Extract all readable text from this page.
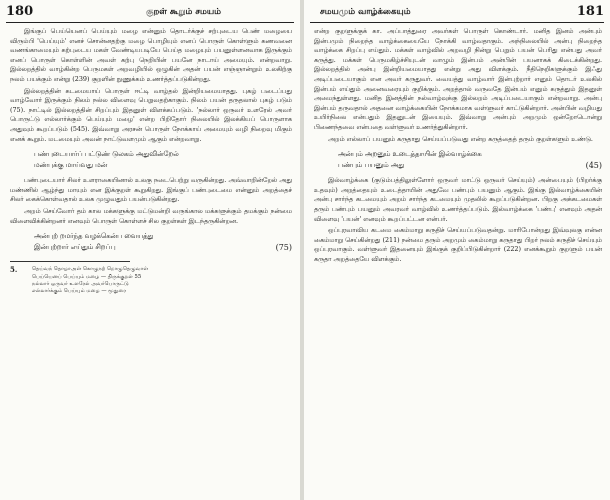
180	குறள் கூறும் சமயம்

இங்குப் பெய்யெனப் பெய்யும் மழை என்னும் தொடர்க்குச் சற்புடைய பெண் மழையை விரும்பி 'பெய்யும்' எனச் சொன்னதற்கு மழை பொழியும் எனப் பொருள் கொள்ளும் கணவனை வணங்காமையும் கற்புடைய மகள் வேண்டியபடியே பெய்த மழையும் பயனுள்ளனவாக இருக்கும் எனப் பொருள் கொள்ளின் அவள் கற்பு நெறியின் பயனே நாடாய் அமையும். என்றவாறு. இல்லறத்தில் வாழ்கின்ற பெருமகள் அறவழியில் ஒழுகின் அதன் பயன் எஞ்ஞான்றும் உலகிற்கு நலம் பயக்கும் என்று (239) குறளின் நுணுக்கம் உணர்த்தப்படுகின்றது.

இல்லறத்தின் கடமையாய் பொருள் ஈட்டி வாழ்தல் இன்றியமையாதது. புகழ் படைப்பது வாழ்வோர் இருக்கும் நிலம் நல்ல விளைவு பெறுவதற்காகும். நிலம் பயன் தருதலால் புகழ் படும் (75). நாட்டில் இல்லறத்தின் சிறப்பும் இதனுள் விளக்கப்படும். 'நல்லார் ஒருவர் உளரேல் அவர் பொருட்டு எல்லார்க்கும் பெய்யும் மழை' என்ற பிறிதோர் நிலையில் இலக்கியப் பொருளாக அதுவும் கூறப்படும் (545). இவ்வாறு அரசன் பொருள் நோக்காய் அமையும் வழி நிறைவு மிகும் எனக் கூறும். மடமையும் அவன் நாட்டுவளமும் ஆகும் என்றவாறு.

பண்புடையார்ப் பட்டுண் டுலகம் அதுவின்றேல்
மண்புக்கு மாய்வது மன்

பண்புடையார் சிலர் உளராகையினால் உலகு நடைபெற்று வருகின்றது. அவ்வாறின்றேல் அது மண்ணில் ஆழ்ந்து மாயும் என இக்குறள் கூறுகிறது. இங்குப் பண்புடைமை என்னும் அறத்தைச் சிலர் கைக்கொள்வதால் உலக முழுவதும் பயன்படுகின்றது.

அறம் செய்வோர் தம் கால மக்களுக்கு மட்டுமன்றி வருங்கால மக்களுக்கும் தமக்கும் நன்மை விளைவிக்கின்றனர் எனவும் பொருள் கொள்ளச் சில குறள்கள் இடந்தருகின்றன.

அன்புற் றமர்ந்த வழக்கென்ப வையத்து
இன்புற்றார் எய்தும் சிறப்பு	(75)
5.	தெய்வந் தொழாஅள் கொழுநற் றொழுதெழுவாள்
பெய்யெனப் பெய்யும் மழை — திருக்குறள் 55
நல்லார் ஒருவர் உளரேல் அவர்பொருட்டு
எல்லார்க்கும் பெய்யும் மழை — மூதுரை
சமயமும் வாழ்க்கையும்	181

என்ற குறளுக்குக் கா. அப்பாத்துரை அவர்கள் பொருள் கொண்டார். மனித இனம் அன்பும் இன்பமும் நிறைந்த வாழ்க்கையையே நோக்கி வாழ்வதாகும். அந்நிலையில் அன்பு நிறைந்த வாழ்க்கை சிறப்பு எய்தும். மக்கள் வாழ்வில் அறவழி நின்று பெறும் பயன் பெரிது என்பது அவர் கருத்து. மக்கள் பெருமகிழ்ச்சியுடன் வாழும் இன்பம் அன்பின் பயனாகக் கிடைக்கின்றது. இல்லறத்தில் அன்பு இன்றியமையாதது என்று அது விளக்கும். நீதிநெறிகளுக்கும் இஃது அடிப்படையாகும் என அவர் கருதுவர். வையத்து வாழ்வார் இன்புற்றார் எனும் தொடர் உலகில் இன்பம் எய்தும் அனைவரையும் குறிக்கும். அறத்தால் வருவதே இன்பம் எனும் கருத்தும் இதனுள் அமைந்துள்ளது. மனித இனத்தின் நல்வாழ்வுக்கு இல்லறம் அடிப்படையாகும் என்றவாறு. அன்பு இன்பம் தருவதால் அதனை வாழ்க்கையின் நோக்கமாக வள்ளுவர் காட்டுகின்றார். அன்பின் வழியது உயிர்நிலை என்பதும் இதனுடன் இயையும். இவ்வாறு அன்பும் அறமும் ஒன்றோடொன்று பிணைந்தவை என்பதை வள்ளுவர் உணர்த்துகின்றார்.

அறம் எல்லாப் பயனும் கருதாது செய்யப்படுவது என்ற கருத்தைத் தரும் குறள்களும் உண்டு.

அன்பும் அறனும் உடைத்தாயின் இல்வாழ்க்கை
பண்பும் பயனும் அது	(45)

இல்வாழ்க்கை (குடும்பத்திலுள்ளோர் ஒருவர் மாட்டு ஒருவர் செய்யும்) அன்பையும் (பிறர்க்கு உதவும்) அறத்தையும் உடைத்தாயின் அதுவே பண்பும் பயனும் ஆகும். இங்கு இல்வாழ்க்கையின் அன்பு சார்ந்த கடமையும் அறம் சார்ந்த கடமையும் முதலில் கூறப்படுகின்றன. பிறகு அக்கடமைகள் தரும் பண்பும் பயனும் அவரவர் வாழ்வில் உணர்த்தப்படும். இல்வாழ்க்கை 'பண்பு' எனவும் அதன் விளைவு 'பயன்' எனவும் கூறப்பட்டன என்பர்.

ஒப்புரவாவிய கடமை கைம்மாறு கருதிச் செய்யப்படுவதன்று. மாரிபோன்றது இவ்வுலகு என்ன கைம்மாறு செய்கின்றது (211) நன்மை தரும் அறமும் கைம்மாறு கருதாது பிறர் நலம் கருதிச் செய்யும் ஒப்புரவாகும். வள்ளுவர் இதனையும் இங்குக் குறிப்பிடுகின்றார் (222) எனக்கூறும் குறளும் பயன் கருதா அறத்தையே விளக்கும்.
